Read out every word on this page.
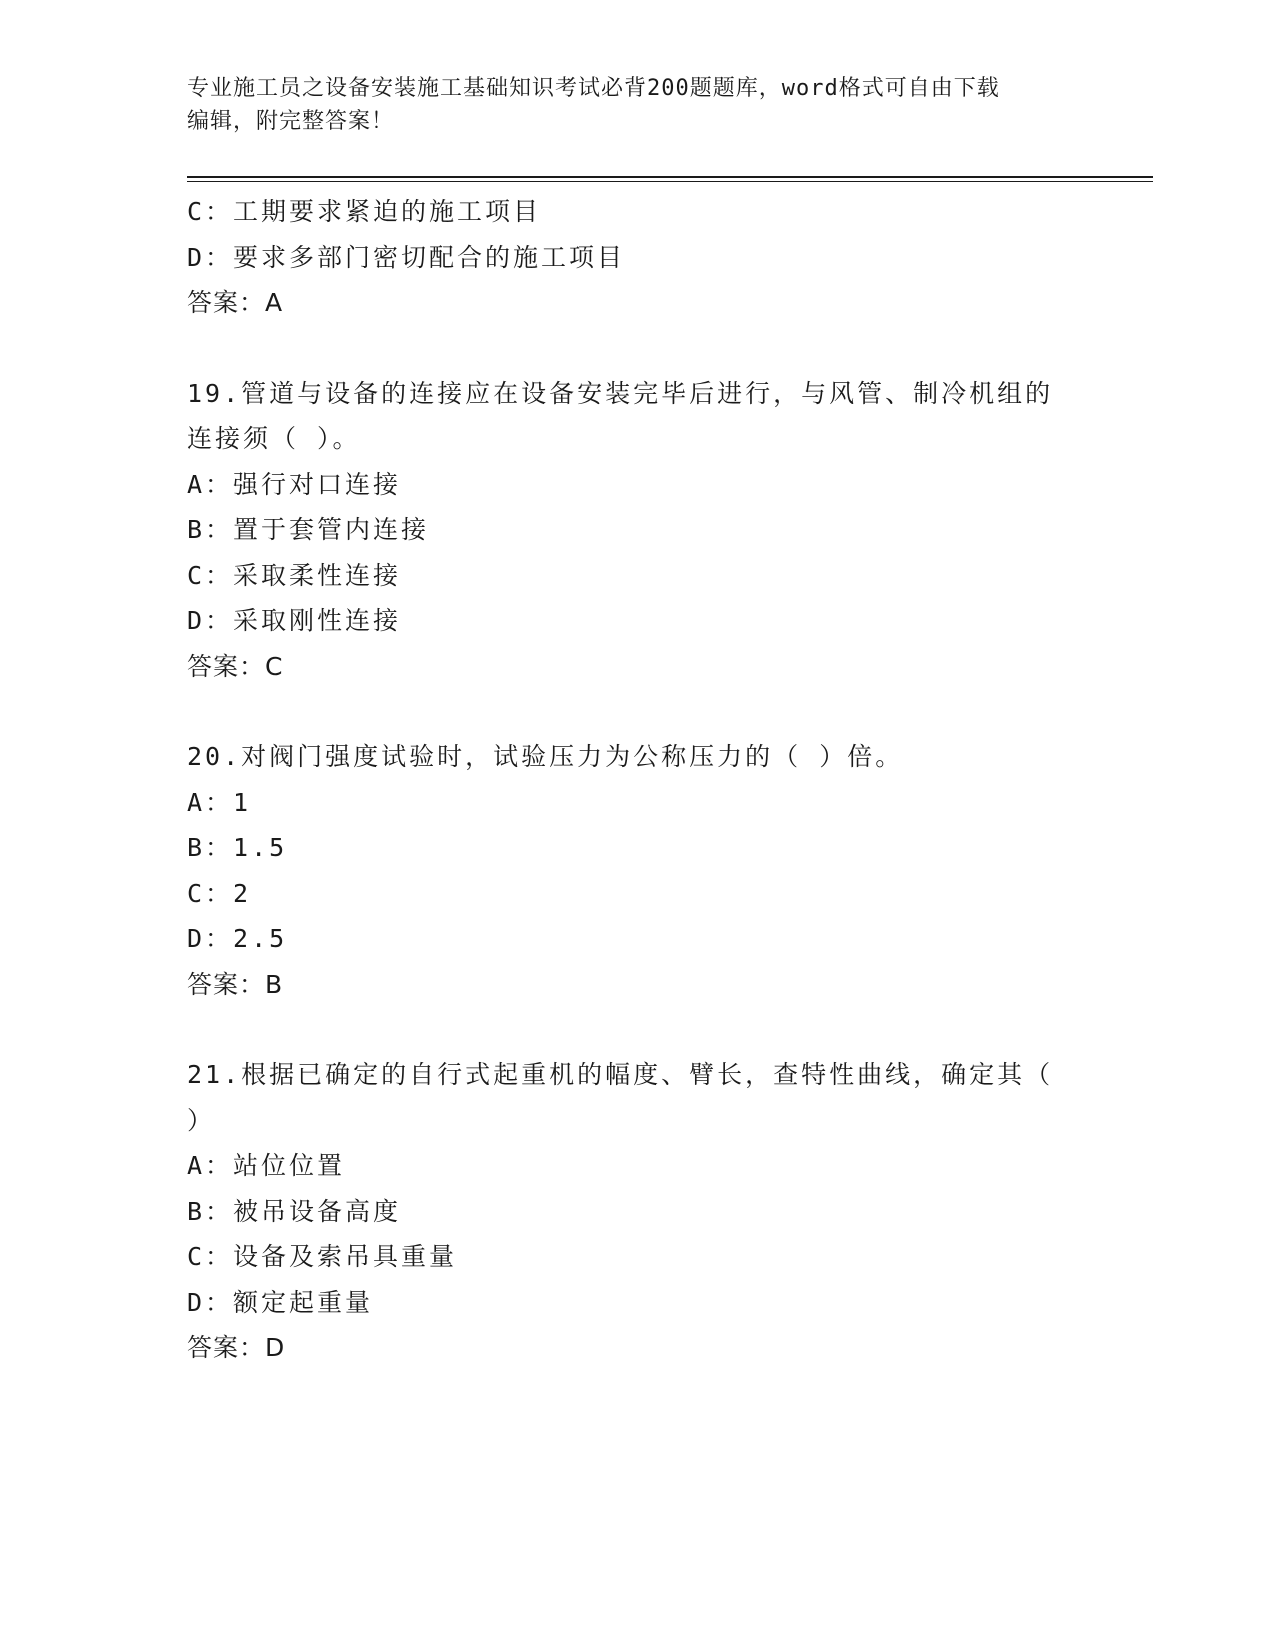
专业施工员之设备安装施工基础知识考试必背200题题库，word格式可自由下载
编辑，附完整答案！
C：工期要求紧迫的施工项目
D：要求多部门密切配合的施工项目
答案：A
19.管道与设备的连接应在设备安装完毕后进行，与风管、制冷机组的
连接须（ ）。
A：强行对口连接
B：置于套管内连接
C：采取柔性连接
D：采取刚性连接
答案：C
20.对阀门强度试验时，试验压力为公称压力的（ ）倍。
A：1
B：1.5
C：2
D：2.5
答案：B
21.根据已确定的自行式起重机的幅度、臂长，查特性曲线，确定其（
）
A：站位位置
B：被吊设备高度
C：设备及索吊具重量
D：额定起重量
答案：D
